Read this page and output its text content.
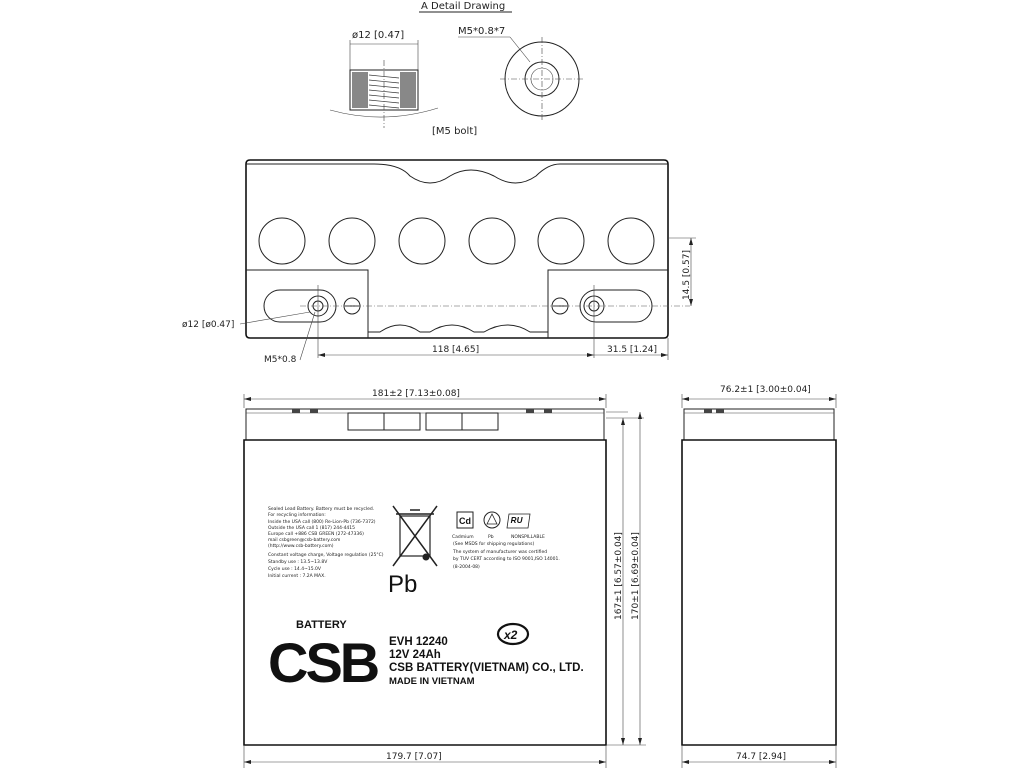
A Detail Drawing
ø12 [0.47]	M5*0.8*7
[M5 bolt]
ø12 [ø0.47]
M5*0.8
118 [4.65]	31.5 [1.24]
14.5 [0.57]
181±2 [7.13±0.08]
167±1 [6.57±0.04] 170±1 [6.69±0.04]
179.7 [7.07]
Sealed Lead Battery. Battery must be recycled.
For recycling information:
Inside the USA call (800) Re-Lion-Pb (736-7372)
Outside the USA call 1 (817) 244-4415
Europe call +886 CSB GREEN (272-47336)
mail csbgreen@csb-battery.com
(http://www.csb-battery.com)
Constant voltage charge, Voltage regulation (25°C)
Standby use : 13.5~13.8V
Cycle use : 14.4~15.0V
Initial current : 7.2A MAX.	Pb
Cd
Cadmium	Pb
ᴿᵁ
NONSPILLABLE
(See MSDS for shipping regulations)
The system of manufacturer was certified
by TUV CERT according to ISO 9001,ISO 14001.
(8-2004-08)
BATTERY
CSB EVH 12240
12V 24Ah
CSB BATTERY(VIETNAM) CO., LTD.
MADE IN VIETNAM
x2
76.2±1 [3.00±0.04]
74.7 [2.94]
